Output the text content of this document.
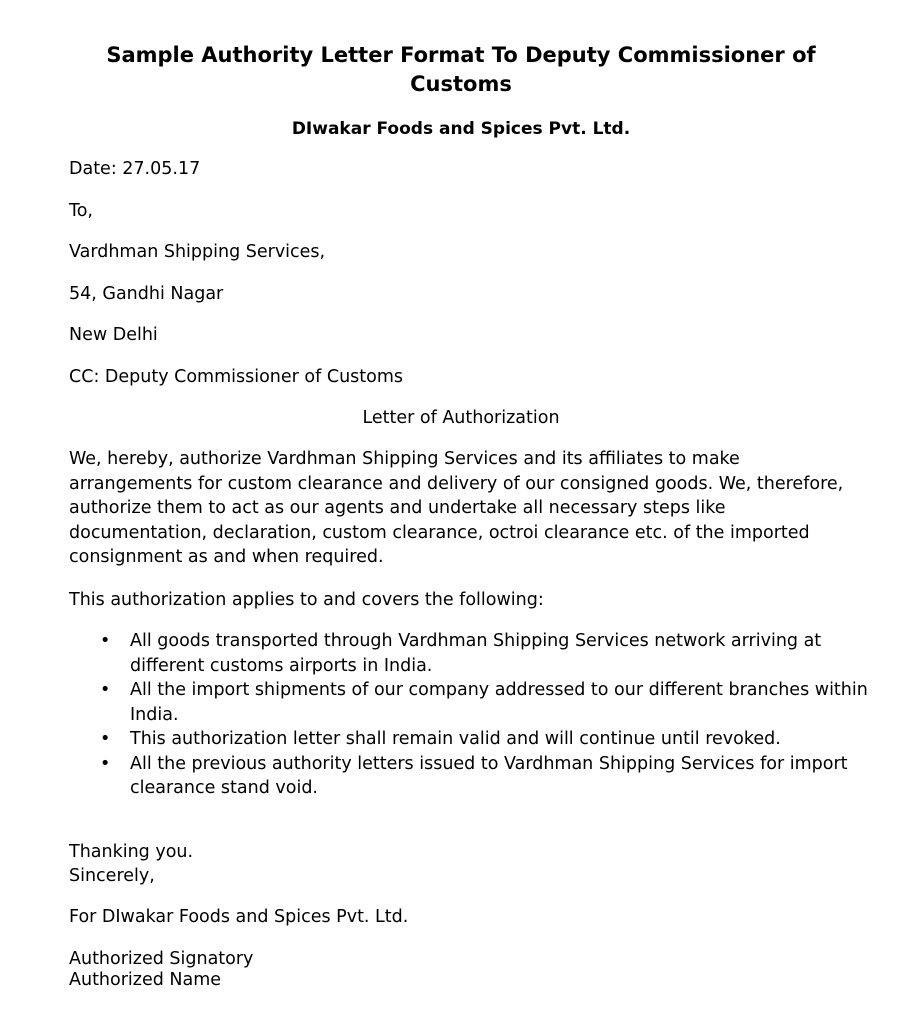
Sample Authority Letter Format To Deputy Commissioner of Customs

DIwakar Foods and Spices Pvt. Ltd.

Date: 27.05.17

To,

Vardhman Shipping Services,

54, Gandhi Nagar

New Delhi

CC: Deputy Commissioner of Customs

Letter of Authorization

We, hereby, authorize Vardhman Shipping Services and its affiliates to make arrangements for custom clearance and delivery of our consigned goods. We, therefore, authorize them to act as our agents and undertake all necessary steps like documentation, declaration, custom clearance, octroi clearance etc. of the imported consignment as and when required.

This authorization applies to and covers the following:

• All goods transported through Vardhman Shipping Services network arriving at different customs airports in India.
• All the import shipments of our company addressed to our different branches within India.
• This authorization letter shall remain valid and will continue until revoked.
• All the previous authority letters issued to Vardhman Shipping Services for import clearance stand void.

Thanking you.

Sincerely,

For DIwakar Foods and Spices Pvt. Ltd.

Authorized Signatory

Authorized Name
